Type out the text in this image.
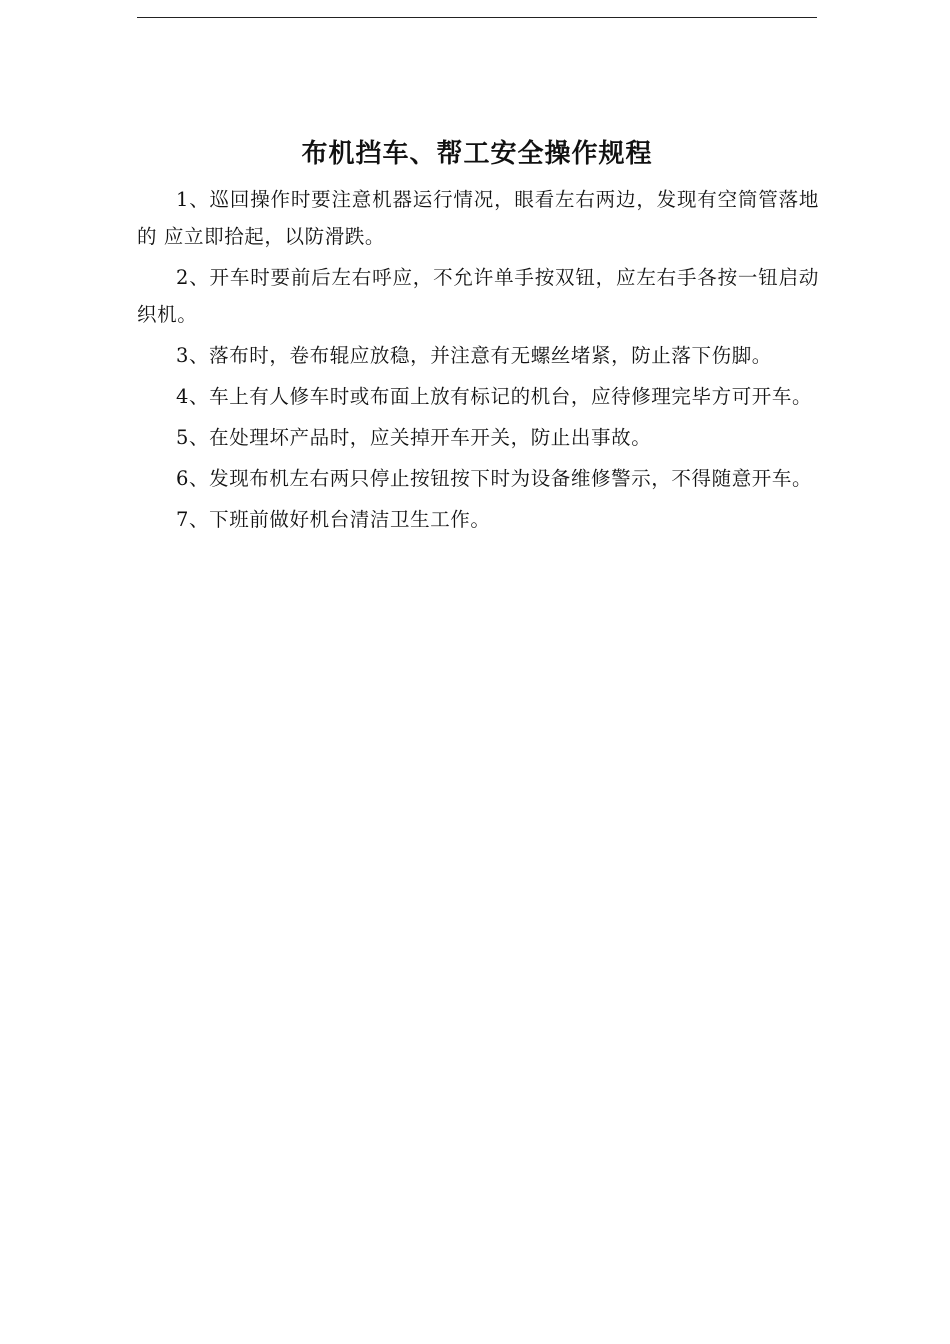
布机挡车、帮工安全操作规程

1、巡回操作时要注意机器运行情况，眼看左右两边，发现有空筒管落地的 应立即拾起，以防滑跌。

2、开车时要前后左右呼应，不允许单手按双钮，应左右手各按一钮启动织机。

3、落布时，卷布辊应放稳，并注意有无螺丝堵紧，防止落下伤脚。

4、车上有人修车时或布面上放有标记的机台，应待修理完毕方可开车。

5、在处理坏产品时，应关掉开车开关，防止出事故。

6、发现布机左右两只停止按钮按下时为设备维修警示，不得随意开车。

7、下班前做好机台清洁卫生工作。
